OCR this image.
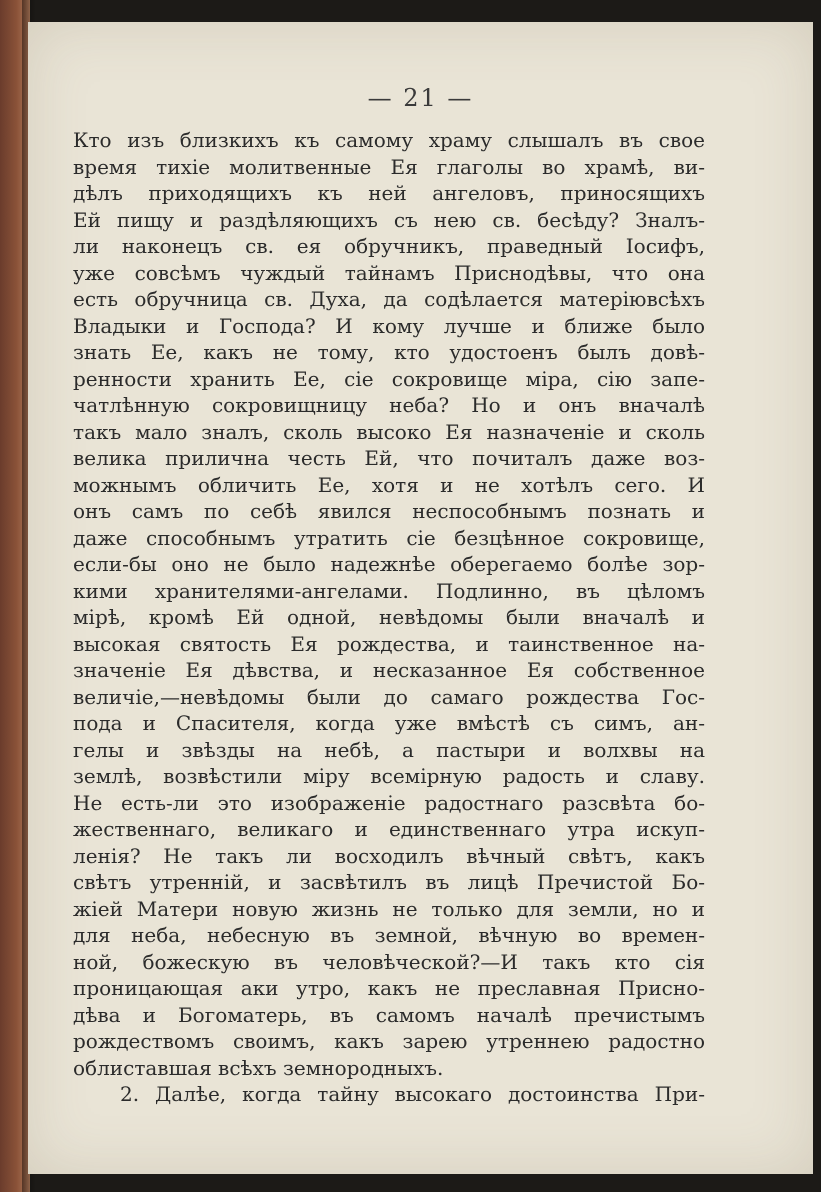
— 21 —
Кто изъ близкихъ къ самому храму слышалъ въ свое
время тихіе молитвенные Ея глаголы во храмѣ, ви-
дѣлъ приходящихъ къ ней ангеловъ, приносящихъ
Ей пищу и раздѣляющихъ съ нею св. бесѣду? Зналъ-
ли наконецъ св. ея обручникъ, праведный Іосифъ,
уже совсѣмъ чуждый тайнамъ Приснодѣвы, что она
есть обручница св. Духа, да содѣлается матеріювсѣхъ
Владыки и Господа? И кому лучше и ближе было
знать Ее, какъ не тому, кто удостоенъ былъ довѣ-
ренности хранить Ее, сіе сокровище міра, сію запе-
чатлѣнную сокровищницу неба? Но и онъ вначалѣ
такъ мало зналъ, сколь высоко Ея назначеніе и сколь
велика прилична честь Ей, что почиталъ даже воз-
можнымъ обличить Ее, хотя и не хотѣлъ сего. И
онъ самъ по себѣ явился неспособнымъ познать и
даже способнымъ утратить сіе безцѣнное сокровище,
если-бы оно не было надежнѣе оберегаемо болѣе зор-
кими хранителями-ангелами. Подлинно, въ цѣломъ
мірѣ, кромѣ Ей одной, невѣдомы были вначалѣ и
высокая святость Ея рождества, и таинственное на-
значеніе Ея дѣвства, и несказанное Ея собственное
величіе,—невѣдомы были до самаго рождества Гос-
пода и Спасителя, когда уже вмѣстѣ съ симъ, ан-
гелы и звѣзды на небѣ, а пастыри и волхвы на
землѣ, возвѣстили міру всемірную радость и славу.
Не есть-ли это изображеніе радостнаго разсвѣта бо-
жественнаго, великаго и единственнаго утра искуп-
ленія? Не такъ ли восходилъ вѣчный свѣтъ, какъ
свѣтъ утренній, и засвѣтилъ въ лицѣ Пречистой Бо-
жіей Матери новую жизнь не только для земли, но и
для неба, небесную въ земной, вѣчную во времен-
ной, божескую въ человѣческой?—И такъ кто сія
проницающая аки утро, какъ не преславная Присно-
дѣва и Богоматерь, въ самомъ началѣ пречистымъ
рождествомъ своимъ, какъ зарею утреннею радостно
облиставшая всѣхъ земнородныхъ.
2. Далѣе, когда тайну высокаго достоинства При-
